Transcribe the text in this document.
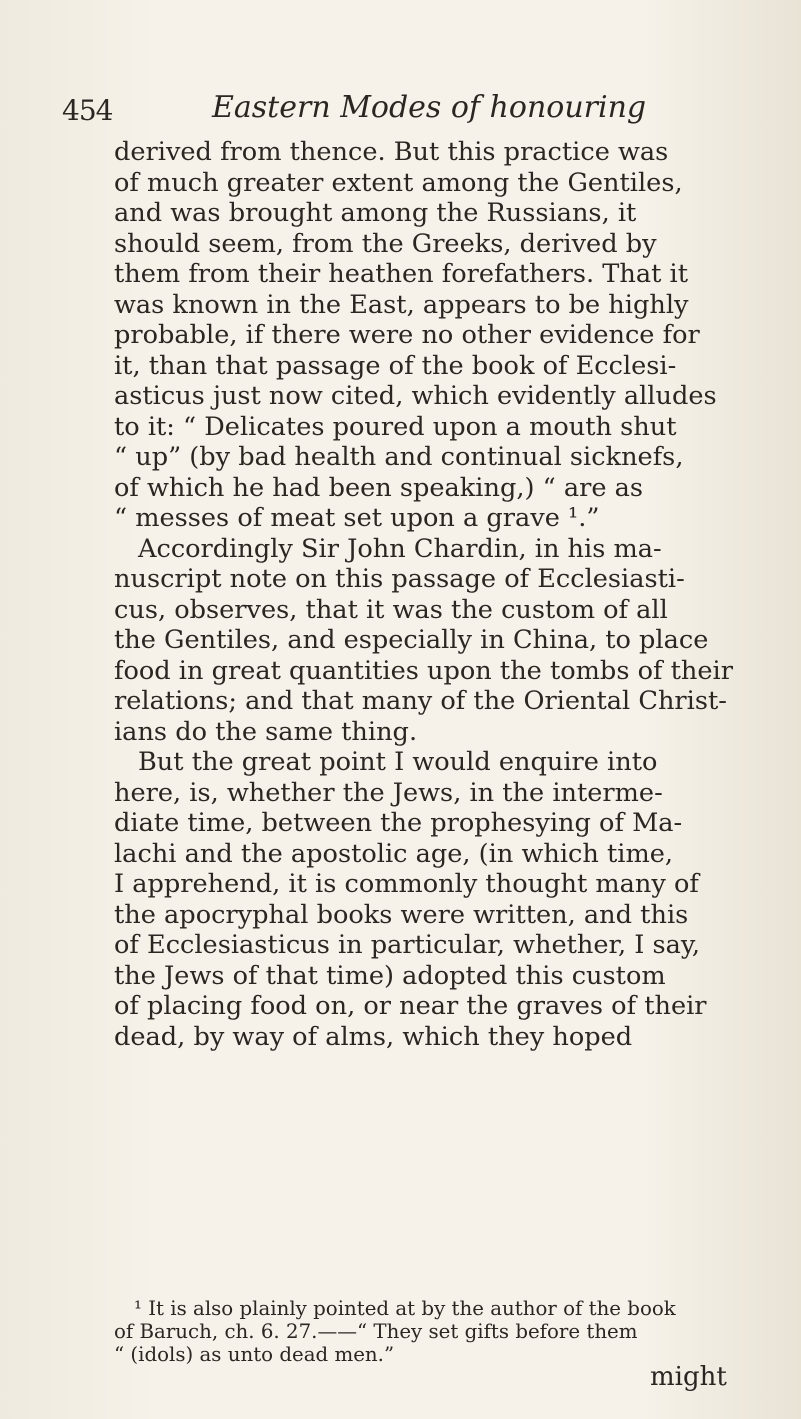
454	Eastern Modes of honouring
derived from thence. But this practice was
of much greater extent among the Gentiles,
and was brought among the Russians, it
should seem, from the Greeks, derived by
them from their heathen forefathers. That it
was known in the East, appears to be highly
probable, if there were no other evidence for
it, than that passage of the book of Ecclesi-
asticus just now cited, which evidently alludes
to it: “ Delicates poured upon a mouth shut
“ up” (by bad health and continual sicknefs,
of which he had been speaking,) “ are as
“ messes of meat set upon a grave ¹.”
Accordingly Sir John Chardin, in his ma-
nuscript note on this passage of Ecclesiasti-
cus, observes, that it was the custom of all
the Gentiles, and especially in China, to place
food in great quantities upon the tombs of their
relations; and that many of the Oriental Christ-
ians do the same thing.
But the great point I would enquire into
here, is, whether the Jews, in the interme-
diate time, between the prophesying of Ma-
lachi and the apostolic age, (in which time,
I apprehend, it is commonly thought many of
the apocryphal books were written, and this
of Ecclesiasticus in particular, whether, I say,
the Jews of that time) adopted this custom
of placing food on, or near the graves of their
dead, by way of alms, which they hoped
¹ It is also plainly pointed at by the author of the book
of Baruch, ch. 6. 27.——“ They set gifts before them
“ (idols) as unto dead men.”
might
